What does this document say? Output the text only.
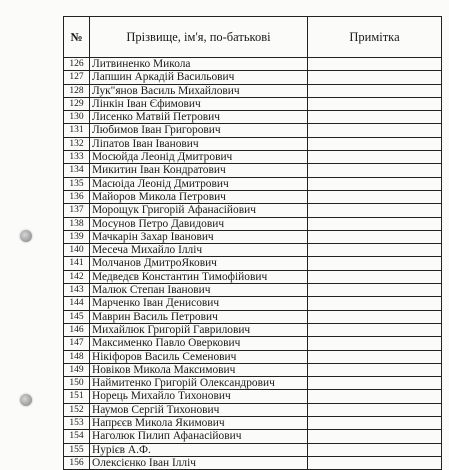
№	Прізвище, ім'я, по-батькові	Примітка
126	Литвиненко Микола	
127	Лапшин Аркадій Васильович	
128	Лук"янов Василь Михайлович	
129	Лінкін Іван Єфимович	
130	Лисенко Матвій Петрович	
131	Любимов Іван Григорович	
132	Ліпатов Іван Іванович	
133	Мосюйда Леонід Дмитрович	
134	Микитин Іван Кондратович	
135	Масюіда Леонід Дмитрович	
136	Майоров Микола Петрович	
137	Морощук Григорій Афанасійович	
138	Мосунов Петро Давидович	
139	Мачкарін Захар Іванович	
140	Месеча Михайло Ілліч	
141	Молчанов ДмитроЯкович	
142	Медведєв Константин Тимофійович	
143	Малюк Степан Іванович	
144	Марченко Іван Денисович	
145	Маврин Василь Петрович	
146	Михайлюк Григорій Гаврилович	
147	Максименко Павло Оверкович	
148	Нікіфоров Василь Семенович	
149	Новіков Микола Максимович	
150	Наймитенко Григорій Олександрович	
151	Норець Михайло Тихонович	
152	Наумов Сергій Тихонович	
153	Напрєєв Микола Якимович	
154	Наголюк Пилип Афанасійович	
155	Нурієв А.Ф.	
156	Олексієнко Іван Ілліч	
